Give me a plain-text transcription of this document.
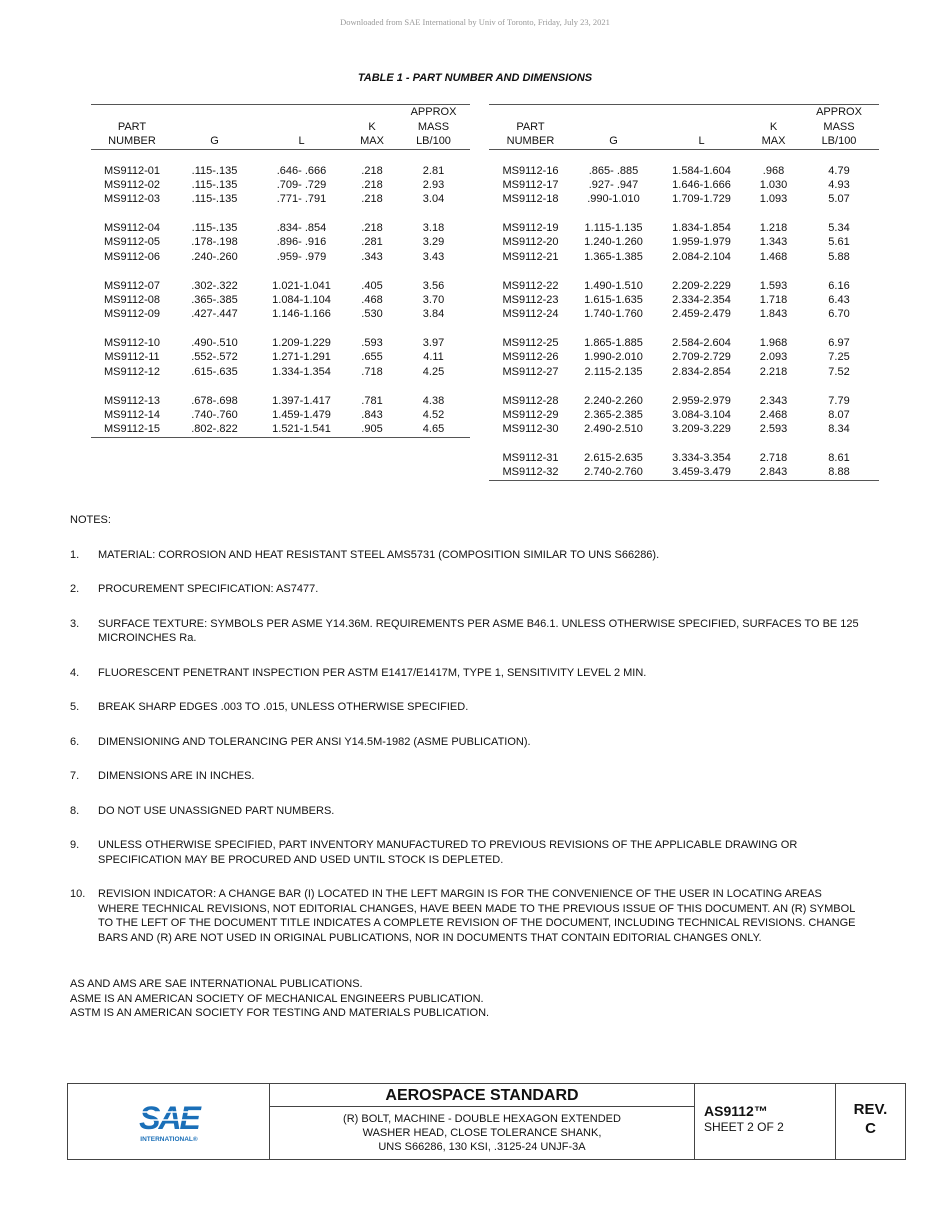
Downloaded from SAE International by Univ of Toronto, Friday, July 23, 2021
TABLE 1 - PART NUMBER AND DIMENSIONS
				APPROX
PART			K	MASS
NUMBER	G	L	MAX	LB/100
MS9112-01	.115-.135	.646- .666	.218	2.81
MS9112-02	.115-.135	.709- .729	.218	2.93
MS9112-03	.115-.135	.771- .791	.218	3.04
MS9112-04	.115-.135	.834- .854	.218	3.18
MS9112-05	.178-.198	.896- .916	.281	3.29
MS9112-06	.240-.260	.959- .979	.343	3.43
MS9112-07	.302-.322	1.021-1.041	.405	3.56
MS9112-08	.365-.385	1.084-1.104	.468	3.70
MS9112-09	.427-.447	1.146-1.166	.530	3.84
MS9112-10	.490-.510	1.209-1.229	.593	3.97
MS9112-11	.552-.572	1.271-1.291	.655	4.11
MS9112-12	.615-.635	1.334-1.354	.718	4.25
MS9112-13	.678-.698	1.397-1.417	.781	4.38
MS9112-14	.740-.760	1.459-1.479	.843	4.52
MS9112-15	.802-.822	1.521-1.541	.905	4.65

				APPROX
PART			K	MASS
NUMBER	G	L	MAX	LB/100
MS9112-16	.865- .885	1.584-1.604	.968	4.79
MS9112-17	.927- .947	1.646-1.666	1.030	4.93
MS9112-18	.990-1.010	1.709-1.729	1.093	5.07
MS9112-19	1.115-1.135	1.834-1.854	1.218	5.34
MS9112-20	1.240-1.260	1.959-1.979	1.343	5.61
MS9112-21	1.365-1.385	2.084-2.104	1.468	5.88
MS9112-22	1.490-1.510	2.209-2.229	1.593	6.16
MS9112-23	1.615-1.635	2.334-2.354	1.718	6.43
MS9112-24	1.740-1.760	2.459-2.479	1.843	6.70
MS9112-25	1.865-1.885	2.584-2.604	1.968	6.97
MS9112-26	1.990-2.010	2.709-2.729	2.093	7.25
MS9112-27	2.115-2.135	2.834-2.854	2.218	7.52
MS9112-28	2.240-2.260	2.959-2.979	2.343	7.79
MS9112-29	2.365-2.385	3.084-3.104	2.468	8.07
MS9112-30	2.490-2.510	3.209-3.229	2.593	8.34
MS9112-31	2.615-2.635	3.334-3.354	2.718	8.61
MS9112-32	2.740-2.760	3.459-3.479	2.843	8.88

NOTES:
1.	MATERIAL: CORROSION AND HEAT RESISTANT STEEL AMS5731 (COMPOSITION SIMILAR TO UNS S66286).
2.	PROCUREMENT SPECIFICATION: AS7477.
3.	SURFACE TEXTURE: SYMBOLS PER ASME Y14.36M. REQUIREMENTS PER ASME B46.1. UNLESS OTHERWISE SPECIFIED, SURFACES TO BE 125 MICROINCHES Ra.
4.	FLUORESCENT PENETRANT INSPECTION PER ASTM E1417/E1417M, TYPE 1, SENSITIVITY LEVEL 2 MIN.
5.	BREAK SHARP EDGES .003 TO .015, UNLESS OTHERWISE SPECIFIED.
6.	DIMENSIONING AND TOLERANCING PER ANSI Y14.5M-1982 (ASME PUBLICATION).
7.	DIMENSIONS ARE IN INCHES.
8.	DO NOT USE UNASSIGNED PART NUMBERS.
9.	UNLESS OTHERWISE SPECIFIED, PART INVENTORY MANUFACTURED TO PREVIOUS REVISIONS OF THE APPLICABLE DRAWING OR SPECIFICATION MAY BE PROCURED AND USED UNTIL STOCK IS DEPLETED.
10.	REVISION INDICATOR: A CHANGE BAR (I) LOCATED IN THE LEFT MARGIN IS FOR THE CONVENIENCE OF THE USER IN LOCATING AREAS WHERE TECHNICAL REVISIONS, NOT EDITORIAL CHANGES, HAVE BEEN MADE TO THE PREVIOUS ISSUE OF THIS DOCUMENT. AN (R) SYMBOL TO THE LEFT OF THE DOCUMENT TITLE INDICATES A COMPLETE REVISION OF THE DOCUMENT, INCLUDING TECHNICAL REVISIONS. CHANGE BARS AND (R) ARE NOT USED IN ORIGINAL PUBLICATIONS, NOR IN DOCUMENTS THAT CONTAIN EDITORIAL CHANGES ONLY.
AS AND AMS ARE SAE INTERNATIONAL PUBLICATIONS.
ASME IS AN AMERICAN SOCIETY OF MECHANICAL ENGINEERS PUBLICATION.
ASTM IS AN AMERICAN SOCIETY FOR TESTING AND MATERIALS PUBLICATION.
SAE
INTERNATIONAL®
AEROSPACE STANDARD
(R) BOLT, MACHINE - DOUBLE HEXAGON EXTENDED
WASHER HEAD, CLOSE TOLERANCE SHANK,
UNS S66286, 130 KSI, .3125-24 UNJF-3A
AS9112™
SHEET 2 OF 2
REV.
C
